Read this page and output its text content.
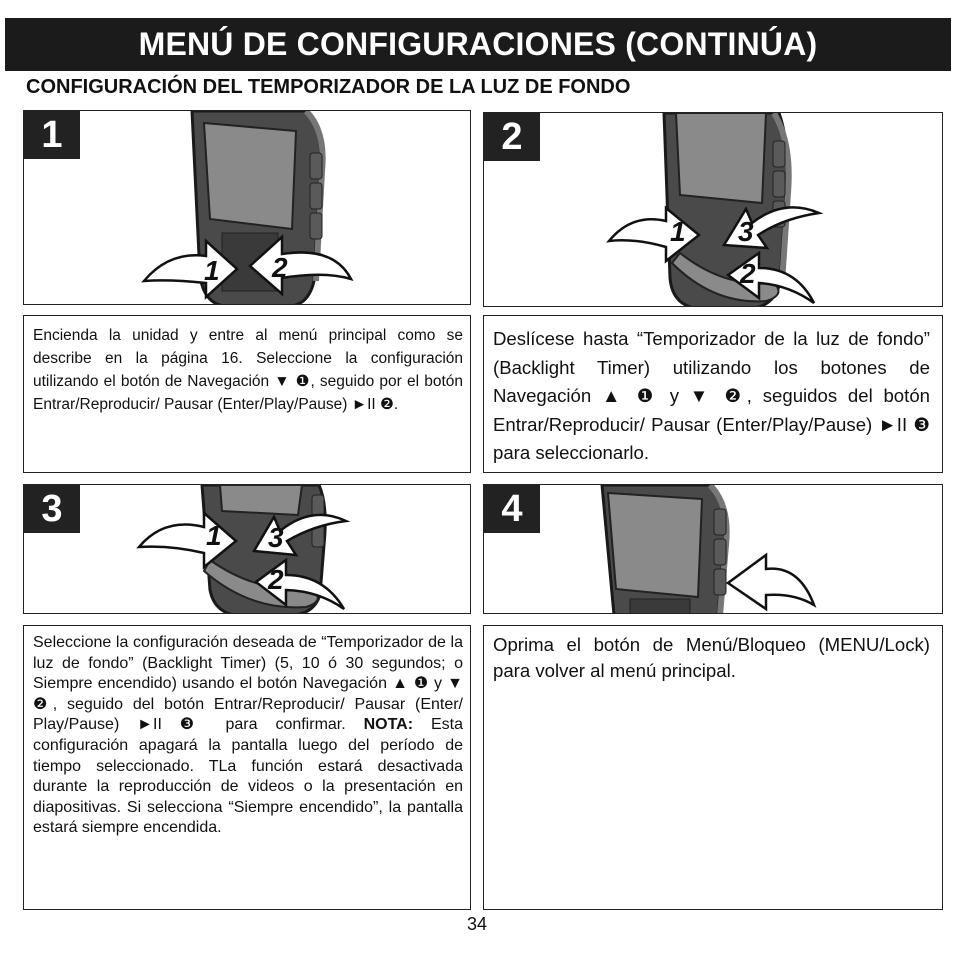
MENÚ DE CONFIGURACIONES (CONTINÚA)
CONFIGURACIÓN DEL TEMPORIZADOR DE LA LUZ DE FONDO
1 2
1
1 3
2
2
Encienda la unidad y entre al menú principal como se describe en la página 16. Seleccione la configuración utilizando el botón de Navegación ▼ ❶, seguido por el botón Entrar/Reproducir/ Pausar (Enter/Play/Pause) ►II ❷.
Deslícese hasta “Temporizador de la luz de fondo” (Backlight Timer) utilizando los botones de Navegación ▲ ❶ y ▼ ❷, seguidos del botón Entrar/Reproducir/ Pausar (Enter/Play/Pause) ►II ❸ para seleccionarlo.
1 3
2
3	4
Seleccione la configuración deseada de “Temporizador de la luz de fondo” (Backlight Timer) (5, 10 ó 30 segundos; o Siempre encendido) usando el botón Navegación ▲ ❶ y ▼ ❷, seguido del botón Entrar/Reproducir/ Pausar (Enter/ Play/Pause) ►II ❸ para confirmar. NOTA: Esta configuración apagará la pantalla luego del período de tiempo seleccionado. TLa función estará desactivada durante la reproducción de videos o la presentación en diapositivas. Si selecciona “Siempre encendido”, la pantalla estará siempre encendida.
Oprima el botón de Menú/Bloqueo (MENU/Lock) para volver al menú principal.
34
